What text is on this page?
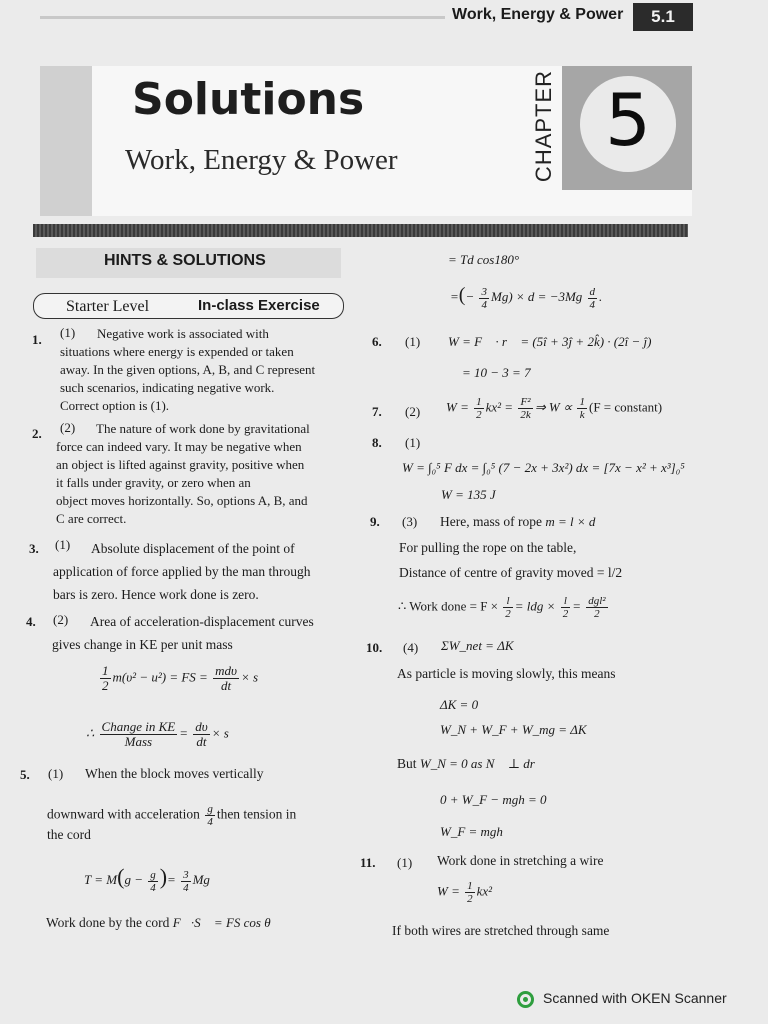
Work, Energy & Power	5.1
Solutions
Work, Energy & Power	CHAPTER 5
HINTS & SOLUTIONS
Starter Level	In-class Exercise
1. (1)	Negative work is associated with
situations where energy is expended or taken
away. In the given options, A, B, and C represent
such scenarios, indicating negative work.
Correct option is (1).
2. (2)	The nature of work done by gravitational
force can indeed vary. It may be negative when
an object is lifted against gravity, positive when
it falls under gravity, or zero when an
object moves horizontally. So, options A, B, and
C are correct.
3. (1)	Absolute displacement of the point of
application of force applied by the man through
bars is zero. Hence work done is zero.
4. (2)	Area of acceleration-displacement curves
gives change in KE per unit mass
$\frac{1}{2} m(\upsilon^2 - u^2)$ = FS = $\frac{\text{mdυ}}{dt} \times s$
∴ $\frac{\text{Change in KE}}{\text{Mass}} = \frac{d\upsilon}{dt} \times s$
5. (1) When the block moves vertically
downward with acceleration $\frac{g}{4}$ then tension in
the cord
$T = M(g - \frac{g}{4}$ )= $\frac{3}{4}$ Mg
Work done by the cord F⃗·S⃗ = FS cos θ
= Td cos180°
=(− $\frac{3}{4} Mg) \times d = -3Mg \frac{d}{4}$ .
6. (1) W = F⃗ · r⃗ = (5î + 3ĵ + 2k̂) · (2î − ĵ)
= 10 − 3 = 7
7. (2) $W = \frac{1}{2} kx^2 = \frac{\text{F²}}{2k}$ ⇒ $W \propto \frac{1}{k} (F$ = constant)
8. (1)
W = ∫₀⁵ F dx = ∫₀⁵ (7 − 2x + 3x²) dx = [7x − x² + x³]₀⁵
W = 135 J
9. (3) Here, mass of rope m = l × d
For pulling the rope on the table,
Distance of centre of gravity moved = l/2
∴ Work done = $F \times \frac{l}{2}$ = ldg × $\frac{l}{2} = \frac{\text{dgl²}}{2}$
10. (4) ΣW_net = ΔK
As particle is moving slowly, this means
ΔK = 0
W_N + W_F + W_mg = ΔK
But W_N = 0 as N⃗ ⊥ dr⃗
0 + W_F − mgh = 0
W_F = mgh
11. (1) Work done in stretching a wire
$W = \frac{1}{2} kx^2$
If both wires are stretched through same
Scanned with OKEN Scanner
